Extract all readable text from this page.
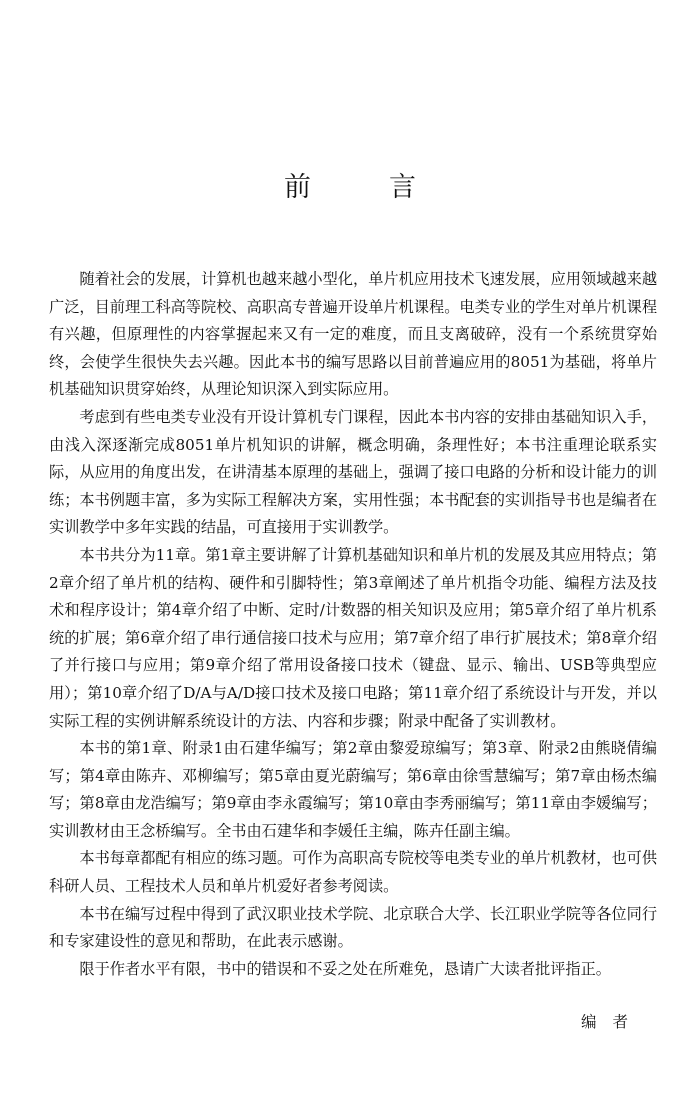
前言

随着社会的发展，计算机也越来越小型化，单片机应用技术飞速发展，应用领域越来越广泛，目前理工科高等院校、高职高专普遍开设单片机课程。电类专业的学生对单片机课程有兴趣，但原理性的内容掌握起来又有一定的难度，而且支离破碎，没有一个系统贯穿始终，会使学生很快失去兴趣。因此本书的编写思路以目前普遍应用的8051为基础，将单片机基础知识贯穿始终，从理论知识深入到实际应用。

考虑到有些电类专业没有开设计算机专门课程，因此本书内容的安排由基础知识入手，由浅入深逐渐完成8051单片机知识的讲解，概念明确，条理性好；本书注重理论联系实际，从应用的角度出发，在讲清基本原理的基础上，强调了接口电路的分析和设计能力的训练；本书例题丰富，多为实际工程解决方案，实用性强；本书配套的实训指导书也是编者在实训教学中多年实践的结晶，可直接用于实训教学。

本书共分为11章。第1章主要讲解了计算机基础知识和单片机的发展及其应用特点；第2章介绍了单片机的结构、硬件和引脚特性；第3章阐述了单片机指令功能、编程方法及技术和程序设计；第4章介绍了中断、定时/计数器的相关知识及应用；第5章介绍了单片机系统的扩展；第6章介绍了串行通信接口技术与应用；第7章介绍了串行扩展技术；第8章介绍了并行接口与应用；第9章介绍了常用设备接口技术（键盘、显示、输出、USB等典型应用）；第10章介绍了D/A与A/D接口技术及接口电路；第11章介绍了系统设计与开发，并以实际工程的实例讲解系统设计的方法、内容和步骤；附录中配备了实训教材。

本书的第1章、附录1由石建华编写；第2章由黎爱琼编写；第3章、附录2由熊晓倩编写；第4章由陈卉、邓柳编写；第5章由夏光蔚编写；第6章由徐雪慧编写；第7章由杨杰编写；第8章由龙浩编写；第9章由李永霞编写；第10章由李秀丽编写；第11章由李媛编写；实训教材由王念桥编写。全书由石建华和李媛任主编，陈卉任副主编。

本书每章都配有相应的练习题。可作为高职高专院校等电类专业的单片机教材，也可供科研人员、工程技术人员和单片机爱好者参考阅读。

本书在编写过程中得到了武汉职业技术学院、北京联合大学、长江职业学院等各位同行和专家建设性的意见和帮助，在此表示感谢。

限于作者水平有限，书中的错误和不妥之处在所难免，恳请广大读者批评指正。

编者
